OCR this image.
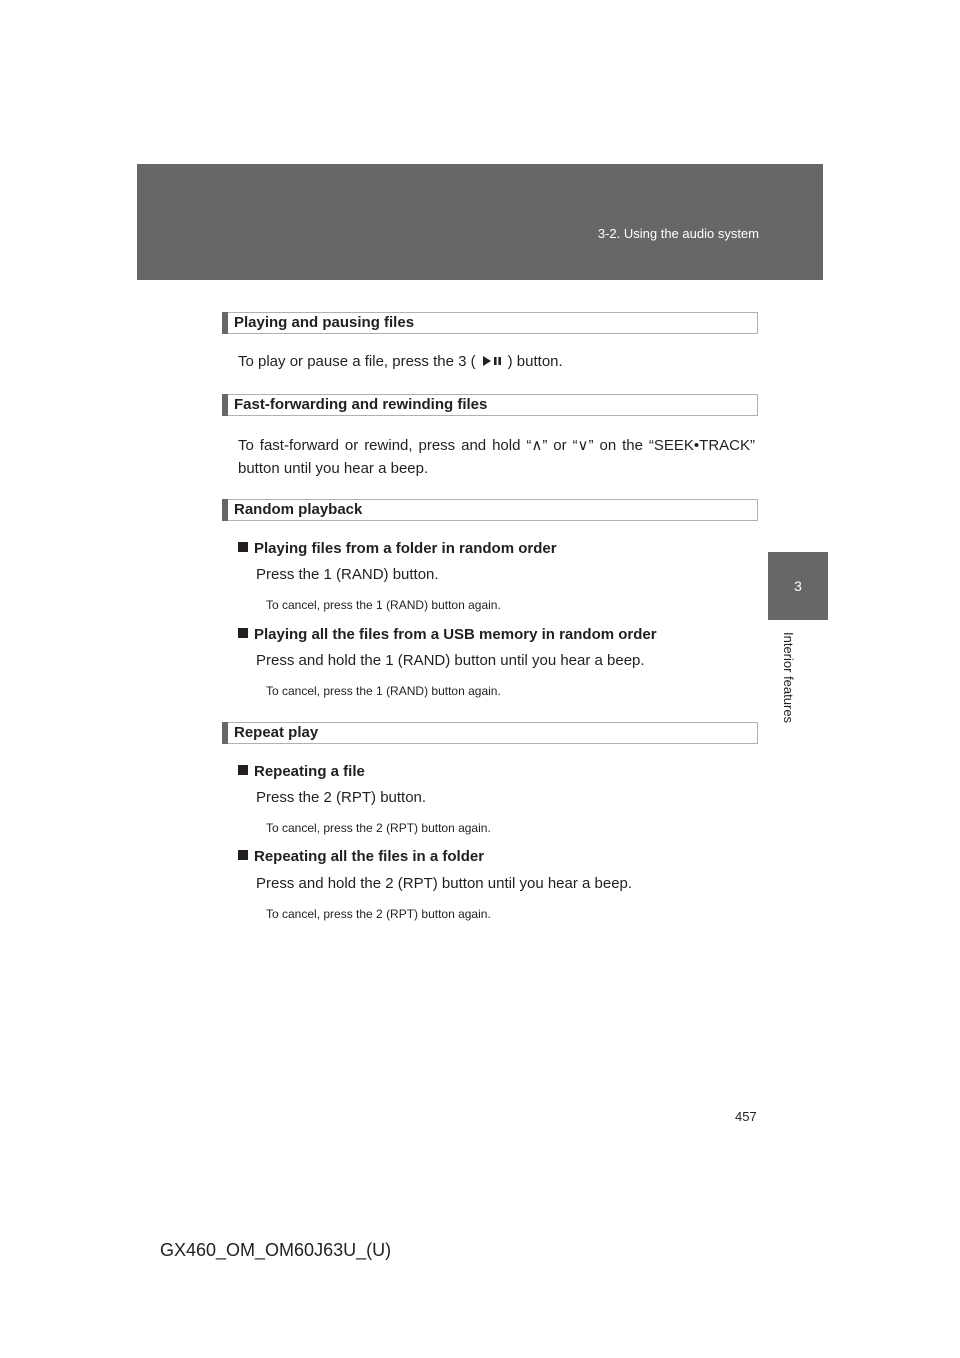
3-2. Using the audio system
3
Interior features
Playing and pausing files
To play or pause a file, press the 3 ( ) button.
Fast-forwarding and rewinding files
To fast-forward or rewind, press and hold “∧” or “∨” on the “SEEK•TRACK” button until you hear a beep.
Random playback
Playing files from a folder in random order
Press the 1 (RAND) button.
To cancel, press the 1 (RAND) button again.
Playing all the files from a USB memory in random order
Press and hold the 1 (RAND) button until you hear a beep.
To cancel, press the 1 (RAND) button again.
Repeat play
Repeating a file
Press the 2 (RPT) button.
To cancel, press the 2 (RPT) button again.
Repeating all the files in a folder
Press and hold the 2 (RPT) button until you hear a beep.
To cancel, press the 2 (RPT) button again.
457
GX460_OM_OM60J63U_(U)
